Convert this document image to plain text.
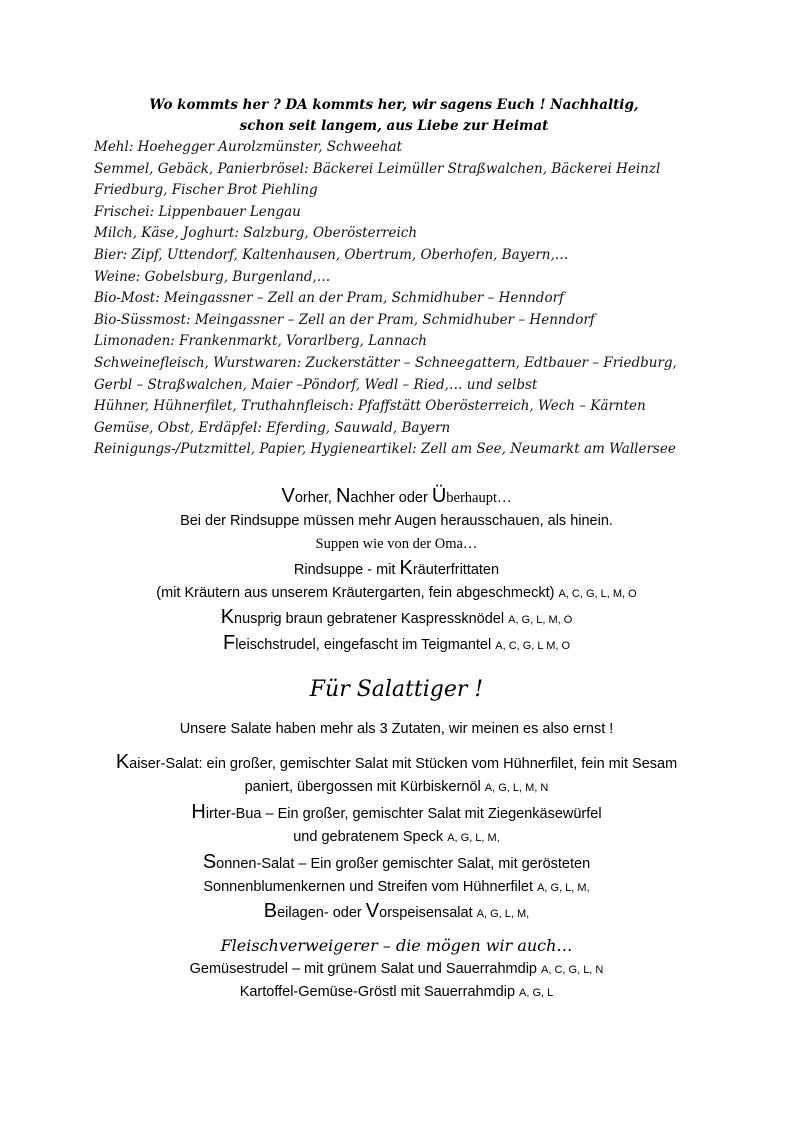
Wo kommts her ? DA kommts her, wir sagens Euch ! Nachhaltig,

schon seit langem, aus Liebe zur Heimat

Mehl: Hoehegger Aurolzmünster, Schweehat

Semmel, Gebäck, Panierbrösel: Bäckerei Leimüller Straßwalchen, Bäckerei Heinzl

Friedburg, Fischer Brot Piehling

Frischei: Lippenbauer Lengau

Milch, Käse, Joghurt: Salzburg, Oberösterreich

Bier: Zipf, Uttendorf, Kaltenhausen, Obertrum, Oberhofen, Bayern,…

Weine: Gobelsburg, Burgenland,…

Bio-Most: Meingassner – Zell an der Pram, Schmidhuber – Henndorf

Bio-Süssmost: Meingassner – Zell an der Pram, Schmidhuber – Henndorf

Limonaden: Frankenmarkt, Vorarlberg, Lannach

Schweinefleisch, Wurstwaren: Zuckerstätter – Schneegattern, Edtbauer – Friedburg,

Gerbl – Straßwalchen, Maier –Pöndorf, Wedl – Ried,… und selbst

Hühner, Hühnerfilet, Truthahnfleisch: Pfaffstätt Oberösterreich, Wech – Kärnten

Gemüse, Obst, Erdäpfel: Eferding, Sauwald, Bayern

Reinigungs-/Putzmittel, Papier, Hygieneartikel: Zell am See, Neumarkt am Wallersee

Vorher, Nachher oder Überhaupt…

Bei der Rindsuppe müssen mehr Augen herausschauen, als hinein.

Suppen wie von der Oma…

Rindsuppe - mit Kräuterfrittaten

(mit Kräutern aus unserem Kräutergarten, fein abgeschmeckt) A, C, G, L, M, O

Knusprig braun gebratener Kaspressknödel A, G, L, M, O

Fleischstrudel, eingefascht im Teigmantel A, C, G, L M, O

Für Salattiger !

Unsere Salate haben mehr als 3 Zutaten, wir meinen es also ernst !

Kaiser-Salat: ein großer, gemischter Salat mit Stücken vom Hühnerfilet, fein mit Sesam

paniert, übergossen mit Kürbiskernöl A, G, L, M, N

Hirter-Bua – Ein großer, gemischter Salat mit Ziegenkäsewürfel

und gebratenem Speck A, G, L, M,

Sonnen-Salat – Ein großer gemischter Salat, mit gerösteten

Sonnenblumenkernen und Streifen vom Hühnerfilet A, G, L, M,

Beilagen- oder Vorspeisensalat A, G, L, M,

Fleischverweigerer – die mögen wir auch…

Gemüsestrudel – mit grünem Salat und Sauerrahmdip A, C, G, L, N

Kartoffel-Gemüse-Gröstl mit Sauerrahmdip A, G, L
